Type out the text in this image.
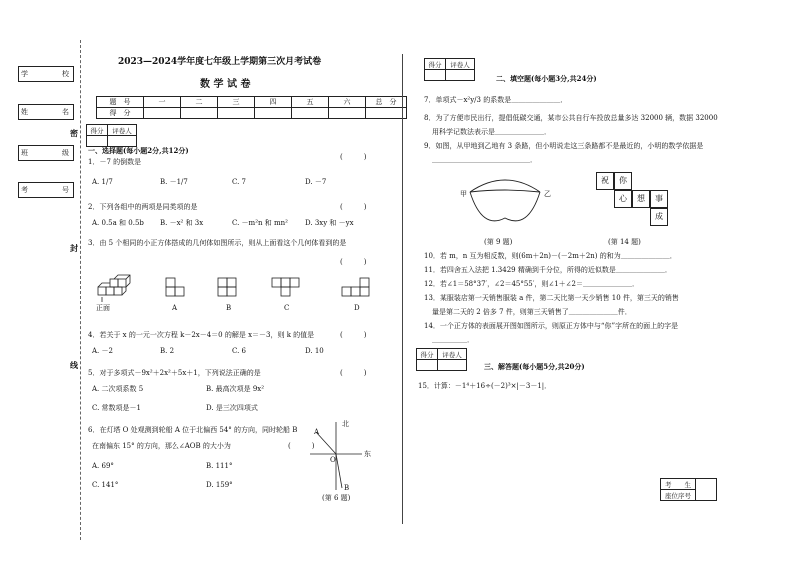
学	校
姓	名
班	级
考	号
密
封
线
2023—2024学年度七年级上学期第三次月考试卷
数 学 试 卷
题　号	一	二	三	四	五	六	总　分
得　分							
得分	评卷人

一、选择题(每小题2分,共12分)
1．－7 的倒数是
(　　　)
A. 1/7	B. －1/7	C. 7	D. －7
2．下列各组中的两项是同类项的是	(　　　)
A. 0.5a 和 0.5b B. －x² 和 3x	C. －m²n 和 mn² D. 3xy 和 －yx
3．由 5 个相同的小正方体搭成的几何体如图所示，则从上面看这个几何体看到的是
(　　　)
正面	A	B	C	D
4．若关于 x 的一元一次方程 k－2x－4＝0 的解是 x＝－3，则 k 的值是	(　　　)
A. －2	B. 2	C. 6	D. 10
5．对于多项式－9x²＋2x²＋5x＋1，下列说法正确的是	(　　　)
A. 二次项系数 5	B. 最高次项是 9x²
C. 常数项是－1	D. 是三次四项式
6．在灯塔 O 处观测到轮船 A 位于北偏西 54° 的方向，同时轮船 B
在南偏东 15° 的方向，那么∠AOB 的大小为	(　　　)
A. 69°	B. 111°
C. 141°	D. 159°
北
东
A
O
B
(第 6 题)
得分	评卷人

二、填空题(每小题3分,共24分)
7．单项式－x²y/3 的系数是＿＿＿＿＿＿＿．
8．为了方便市民出行，提倡低碳交通，某市公共自行车投放总量多达 32000 辆，数据 32000
用科学记数法表示是＿＿＿＿＿＿＿．
9．如图，从甲地到乙地有 3 条路，但小明说走这三条路都不是最近的，小明的数学依据是
＿＿＿＿＿＿＿＿＿＿＿＿＿＿．
甲	乙
(第 9 题)
祝	你
心	想	事
成
(第 14 题)
10．若 m，n 互为相反数，则(6m＋2n)－(－2m＋2n) 的和为＿＿＿＿＿＿＿．
11．若四舍五入法把 1.3429 精确到千分位，所得的近似数是＿＿＿＿＿＿＿．
12．若∠1＝58°37′，∠2＝45°55′，则∠1＋∠2＝＿＿＿＿＿＿＿．
13．某服装店第一天销售服装 a 件，第二天比第一天少销售 10 件，第三天的销售
量是第二天的 2 倍多 7 件，则第三天销售了＿＿＿＿＿＿＿件．
14．一个正方体的表面展开图如图所示，则原正方体中与“你”字所在的面上的字是
＿＿＿＿＿．
得分	评卷人

三、解答题(每小题5分,共20分)
15．计算：－1⁴＋16÷(－2)³×|－3－1|．
考　　生	
座位序号
